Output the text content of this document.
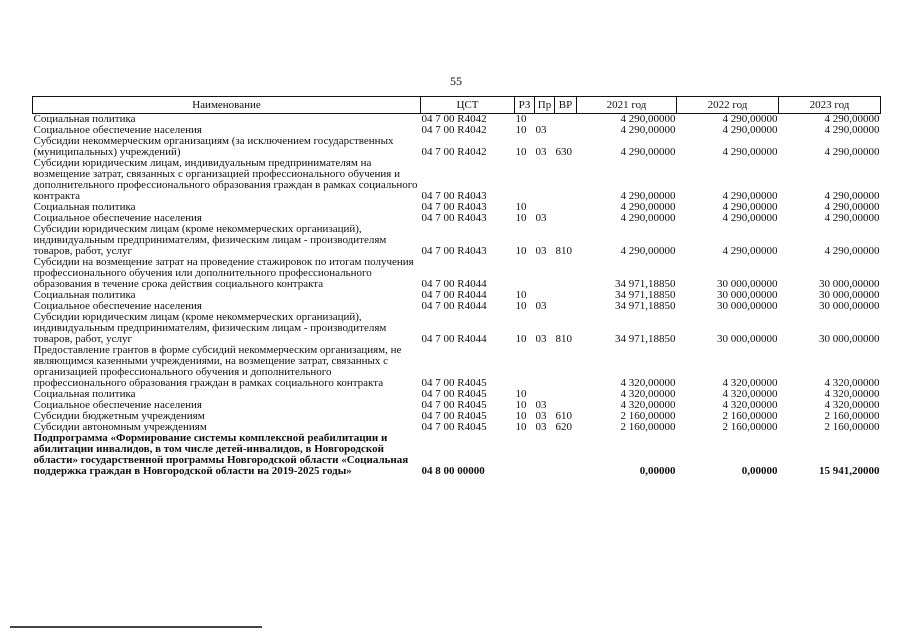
55
Наименование	ЦСТ	РЗ	Пр	ВР	2021 год	2022 год	2023 год
Социальная политика	04 7 00 R4042	10			4 290,00000	4 290,00000	4 290,00000
Социальное обеспечение населения	04 7 00 R4042	10	03		4 290,00000	4 290,00000	4 290,00000
Субсидии некоммерческим организациям (за исключением государственных (муниципальных) учреждений)	04 7 00 R4042	10	03	630	4 290,00000	4 290,00000	4 290,00000
Субсидии юридическим лицам, индивидуальным предпринимателям на возмещение затрат, связанных с организацией профессионального обучения и дополнительного профессионального образования граждан в рамках социального контракта	04 7 00 R4043				4 290,00000	4 290,00000	4 290,00000
Социальная политика	04 7 00 R4043	10			4 290,00000	4 290,00000	4 290,00000
Социальное обеспечение населения	04 7 00 R4043	10	03		4 290,00000	4 290,00000	4 290,00000
Субсидии юридическим лицам (кроме некоммерческих организаций), индивидуальным предпринимателям, физическим лицам - производителям товаров, работ, услуг	04 7 00 R4043	10	03	810	4 290,00000	4 290,00000	4 290,00000
Субсидии на возмещение затрат на проведение стажировок по итогам получения профессионального обучения или дополнительного профессионального образования в течение срока действия социального контракта	04 7 00 R4044				34 971,18850	30 000,00000	30 000,00000
Социальная политика	04 7 00 R4044	10			34 971,18850	30 000,00000	30 000,00000
Социальное обеспечение населения	04 7 00 R4044	10	03		34 971,18850	30 000,00000	30 000,00000
Субсидии юридическим лицам (кроме некоммерческих организаций), индивидуальным предпринимателям, физическим лицам - производителям товаров, работ, услуг	04 7 00 R4044	10	03	810	34 971,18850	30 000,00000	30 000,00000
Предоставление грантов в форме субсидий некоммерческим организациям, не являющимся казенными учреждениями, на возмещение затрат, связанных с организацией профессионального обучения и дополнительного профессионального образования граждан в рамках социального контракта	04 7 00 R4045				4 320,00000	4 320,00000	4 320,00000
Социальная политика	04 7 00 R4045	10			4 320,00000	4 320,00000	4 320,00000
Социальное обеспечение населения	04 7 00 R4045	10	03		4 320,00000	4 320,00000	4 320,00000
Субсидии бюджетным учреждениям	04 7 00 R4045	10	03	610	2 160,00000	2 160,00000	2 160,00000
Субсидии автономным учреждениям	04 7 00 R4045	10	03	620	2 160,00000	2 160,00000	2 160,00000
Подпрограмма «Формирование системы комплексной реабилитации и абилитации инвалидов, в том числе детей-инвалидов, в Новгородской области» государственной программы Новгородской области «Социальная поддержка граждан в Новгородской области на 2019-2025 годы»	04 8 00 00000				0,00000	0,00000	15 941,20000
